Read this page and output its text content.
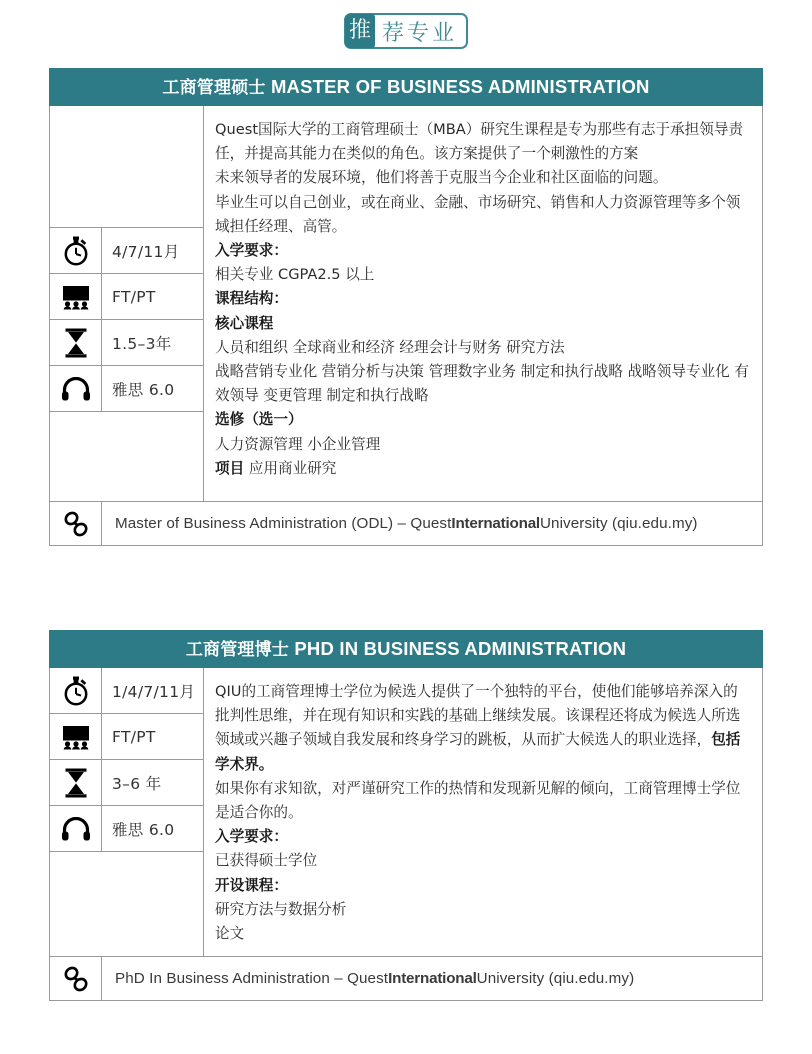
推 荐专业
工商管理硕士 MASTER OF BUSINESS ADMINISTRATION
4/7/11月
FT/PT
1.5–3年
雅思 6.0

Quest国际大学的工商管理硕士（MBA）研究生课程是专为那些有志于承担领导责任，并提高其能力在类似的角色。该方案提供了一个刺激性的方案

未来领导者的发展环境，他们将善于克服当今企业和社区面临的问题。

毕业生可以自己创业，或在商业、金融、市场研究、销售和人力资源管理等多个领域担任经理、高管。

入学要求：

相关专业 CGPA2.5 以上

课程结构：

核心课程

人员和组织 全球商业和经济 经理会计与财务 研究方法

战略营销专业化 营销分析与决策 管理数字业务 制定和执行战略 战略领导专业化 有效领导 变更管理 制定和执行战略

选修（选一）

人力资源管理 小企业管理

项目 应用商业研究

Master of Business Administration (ODL) – Quest International University (qiu.edu.my)
工商管理博士 PHD IN BUSINESS ADMINISTRATION
1/4/7/11月
FT/PT
3–6 年
雅思 6.0

QIU的工商管理博士学位为候选人提供了一个独特的平台，使他们能够培养深入的批判性思维，并在现有知识和实践的基础上继续发展。该课程还将成为候选人所选领域或兴趣子领域自我发展和终身学习的跳板，从而扩大候选人的职业选择，包括学术界。

如果你有求知欲，对严谨研究工作的热情和发现新见解的倾向，工商管理博士学位是适合你的。

入学要求：

已获得硕士学位

开设课程：

研究方法与数据分析

论文

PhD In Business Administration – Quest International University (qiu.edu.my)
